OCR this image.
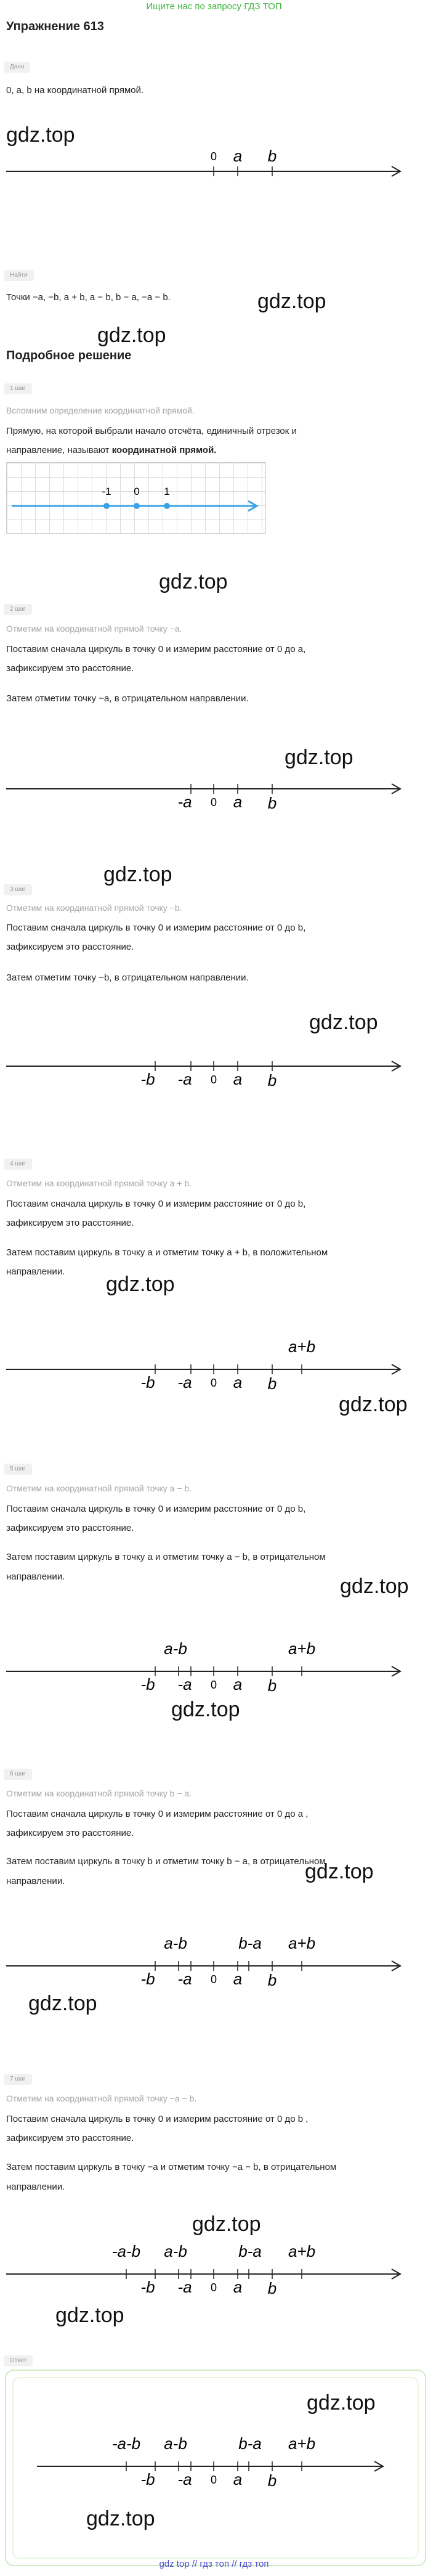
Ищите нас по запросу ГДЗ ТОП
Упражнение 613
Дано
0, a, b на координатной прямой.
gdz.top
0 a b
Найти
Точки −a, −b, a + b, a − b, b − a, −a − b.	gdz.top
gdz.top
Подробное решение
1 шаг
Вспомним определение координатной прямой.
Прямую, на которой выбрали начало отсчёта, единичный отрезок и
направление, называют координатной прямой.
-1 0 1
gdz.top
2 шаг
Отметим на координатной прямой точку −a.
Поставим сначала циркуль в точку 0 и измерим расстояние от 0 до a,
зафиксируем это расстояние.
Затем отметим точку −a, в отрицательном направлении.
gdz.top
-a 0 a b
gdz.top
3 шаг
Отметим на координатной прямой точку −b.
Поставим сначала циркуль в точку 0 и измерим расстояние от 0 до b,
зафиксируем это расстояние.
Затем отметим точку −b, в отрицательном направлении.
gdz.top
-b -a 0 a b
4 шаг
Отметим на координатной прямой точку a + b.
Поставим сначала циркуль в точку 0 и измерим расстояние от 0 до b,
зафиксируем это расстояние.
Затем поставим циркуль в точку a и отметим точку a + b, в положительном
направлении.
gdz.top
-b -a 0 a b
a+b
gdz.top
5 шаг
Отметим на координатной прямой точку a − b.
Поставим сначала циркуль в точку 0 и измерим расстояние от 0 до b,
зафиксируем это расстояние.
Затем поставим циркуль в точку a и отметим точку a − b, в отрицательном
направлении.	gdz.top
a-b
-b -a 0 a b
a+b
gdz.top
6 шаг
Отметим на координатной прямой точку b − a.
Поставим сначала циркуль в точку 0 и измерим расстояние от 0 до a ,
зафиксируем это расстояние.
Затем поставим циркуль в точку b и отметим точку b − a, в отрицательном
направлении.	gdz.top
a-b
-b -a 0
b-a
a b
a+b
gdz.top
7 шаг
Отметим на координатной прямой точку −a − b.
Поставим сначала циркуль в точку 0 и измерим расстояние от 0 до b ,
зафиксируем это расстояние.
Затем поставим циркуль в точку −a и отметим точку −a − b, в отрицательном
направлении.
gdz.top
-a-b a-b
-b -a 0
b-a
a b
a+b
gdz.top
Ответ
gdz.top
-a-b a-b
-b -a 0
b-a
a b
a+b
gdz.top
gdz top // гдз топ // гдз топ
